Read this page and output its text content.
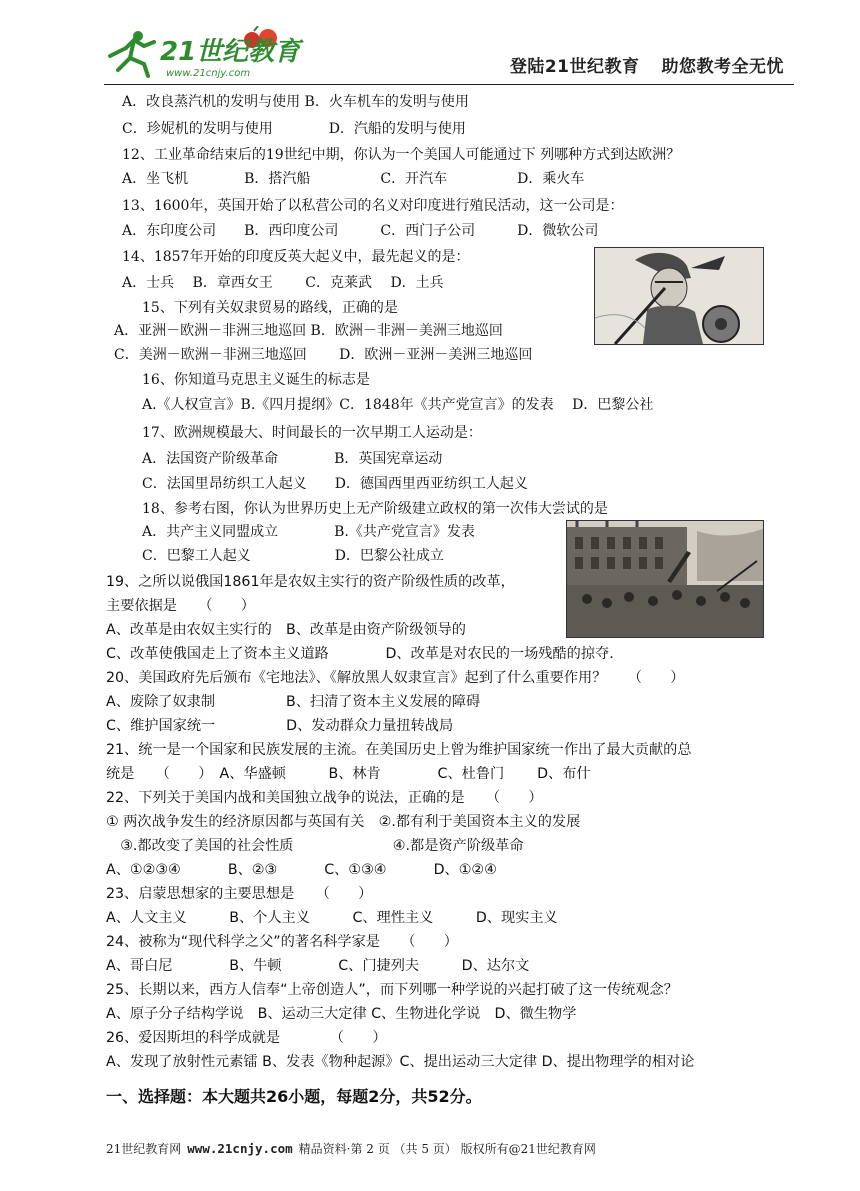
21世纪教育
www.21cnjy.com	登陆21世纪教育 助您教考全无忧
A．改良蒸汽机的发明与使用 B．火车机车的发明与使用
C．珍妮机的发明与使用　　　　D．汽船的发明与使用
12、工业革命结束后的19世纪中期，你认为一个美国人可能通过下 列哪种方式到达欧洲？
A．坐飞机　　　　B．搭汽船　　　　　C．开汽车　　　　　D．乘火车
13、1600年，英国开始了以私营公司的名义对印度进行殖民活动，这一公司是：
A．东印度公司　　B．西印度公司　　　C．西门子公司　　　D．微软公司
14、1857年开始的印度反英大起义中，最先起义的是：
A．士兵　 B．章西女王　　 C．克莱武　 D．土兵
15、下列有关奴隶贸易的路线，正确的是
A．亚洲－欧洲－非洲三地巡回 B．欧洲－非洲－美洲三地巡回
C．美洲－欧洲－非洲三地巡回　　 D．欧洲－亚洲－美洲三地巡回
16、你知道马克思主义诞生的标志是
A.《人权宣言》B.《四月提纲》C．1848年《共产党宣言》的发表　 D．巴黎公社
17、欧洲规模最大、时间最长的一次早期工人运动是：
A．法国资产阶级革命　　　　B．英国宪章运动
C．法国里昂纺织工人起义　　D．德国西里西亚纺织工人起义
18、参考右图，你认为世界历史上无产阶级建立政权的第一次伟大尝试的是
A．共产主义同盟成立　　　　B.《共产党宣言》发表
C．巴黎工人起义　　　　　　D．巴黎公社成立
19、之所以说俄国1861年是农奴主实行的资产阶级性质的改革，
主要依据是　　（　　）
A、改革是由农奴主实行的　B、改革是由资产阶级领导的
C、改革使俄国走上了资本主义道路　　　　D、改革是对农民的一场残酷的掠夺.
20、美国政府先后颁布《宅地法》、《解放黑人奴隶宣言》起到了什么重要作用？　　（　　）
A、废除了奴隶制　　　　　B、扫清了资本主义发展的障碍
C、维护国家统一　　　　　D、发动群众力量扭转战局
21、统一是一个国家和民族发展的主流。在美国历史上曾为维护国家统一作出了最大贡献的总
统是　　（　　）　A、华盛顿　　　B、林肯　　　　C、杜鲁门　　 D、布什
22、下列关于美国内战和美国独立战争的说法，正确的是　　（　　）
① 两次战争发生的经济原因都与英国有关　②.都有利于美国资本主义的发展
　③.都改变了美国的社会性质　　　　　　　④.都是资产阶级革命
A、①②③④　　　 B、②③　　　 C、①③④　　　 D、①②④
23、启蒙思想家的主要思想是　　（　　）
A、人文主义　　　B、个人主义　　　C、理性主义　　　D、现实主义
24、被称为“现代科学之父”的著名科学家是　　（　　）
A、哥白尼　　　　B、牛顿　　　　C、门捷列夫　　　D、达尔文
25、长期以来，西方人信奉“上帝创造人”，而下列哪一种学说的兴起打破了这一传统观念？
A、原子分子结构学说　B、运动三大定律 C、生物进化学说　D、微生物学
26、爱因斯坦的科学成就是　　　　（　　）
A、发现了放射性元素镭 B、发表《物种起源》C、提出运动三大定律 D、提出物理学的相对论
一、选择题：本大题共26小题，每题2分，共52分。
21世纪教育网 www.21cnjy.com 精品资料·第 2 页 （共 5 页） 版权所有@21世纪教育网
